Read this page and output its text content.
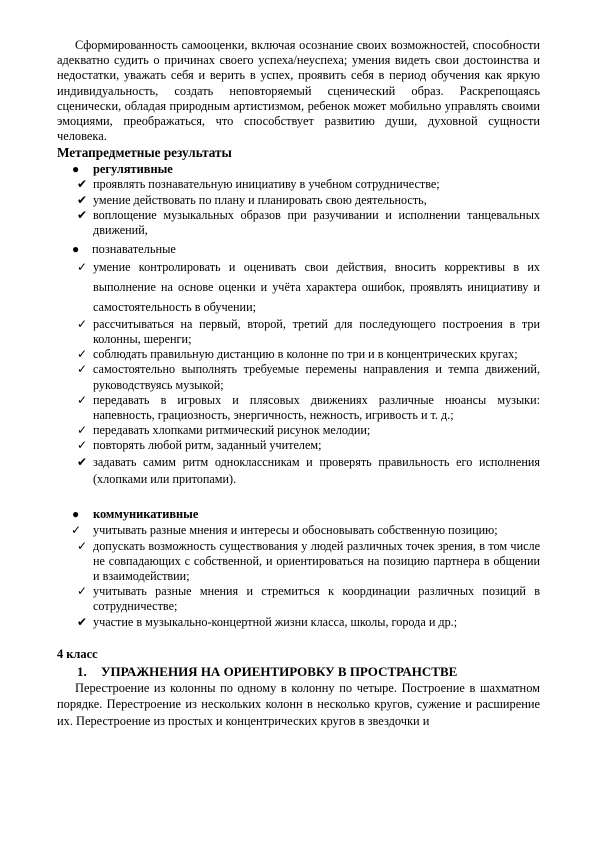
Сформированность самооценки, включая осознание своих возможностей, способности адекватно судить о причинах своего успеха/неуспеха; умения видеть свои достоинства и недостатки, уважать себя и верить в успех, проявить себя в период обучения как яркую индивидуальность, создать неповторяемый сценический образ. Раскрепощаясь сценически, обладая природным артистизмом, ребенок может мобильно управлять своими эмоциями, преображаться, что способствует развитию души, духовной сущности человека.

Метапредметные результаты

● регулятивные
✔ проявлять познавательную инициативу в учебном сотрудничестве;
✔ умение действовать по плану и планировать свою деятельность,
✔ воплощение музыкальных образов при разучивании и исполнении танцевальных движений,
● познавательные
✓ умение контролировать и оценивать свои действия, вносить коррективы в их выполнение на основе оценки и учёта характера ошибок, проявлять инициативу и самостоятельность в обучении;
✓ рассчитываться на первый, второй, третий для последующего построения в три колонны, шеренги;
✓ соблюдать правильную дистанцию в колонне по три и в концентрических кругах;
✓ самостоятельно выполнять требуемые перемены направления и темпа движений, руководствуясь музыкой;
✓ передавать в игровых и плясовых движениях различные нюансы музыки: напевность, грациозность, энергичность, нежность, игривость и т. д.;
✓ передавать хлопками ритмический рисунок мелодии;
✓ повторять любой ритм, заданный учителем;
✔ задавать самим ритм одноклассникам и проверять правильность его исполнения (хлопками или притопами).
● коммуникативные
✓ учитывать разные мнения и интересы и обосновывать собственную позицию;
✓ допускать возможность существования у людей различных точек зрения, в том числе не совпадающих с собственной, и ориентироваться на позицию партнера в общении и взаимодействии;
✓ учитывать разные мнения и стремиться к координации различных позиций в сотрудничестве;
✔ участие в музыкально-концертной жизни класса, школы, города и др.;

4 класс

1. УПРАЖНЕНИЯ НА ОРИЕНТИРОВКУ В ПРОСТРАНСТВЕ

Перестроение из колонны по одному в колонну по четыре. Построение в шахматном порядке. Перестроение из нескольких колонн в несколько кругов, сужение и расширение их. Перестроение из простых и концентрических кругов в звездочки и
